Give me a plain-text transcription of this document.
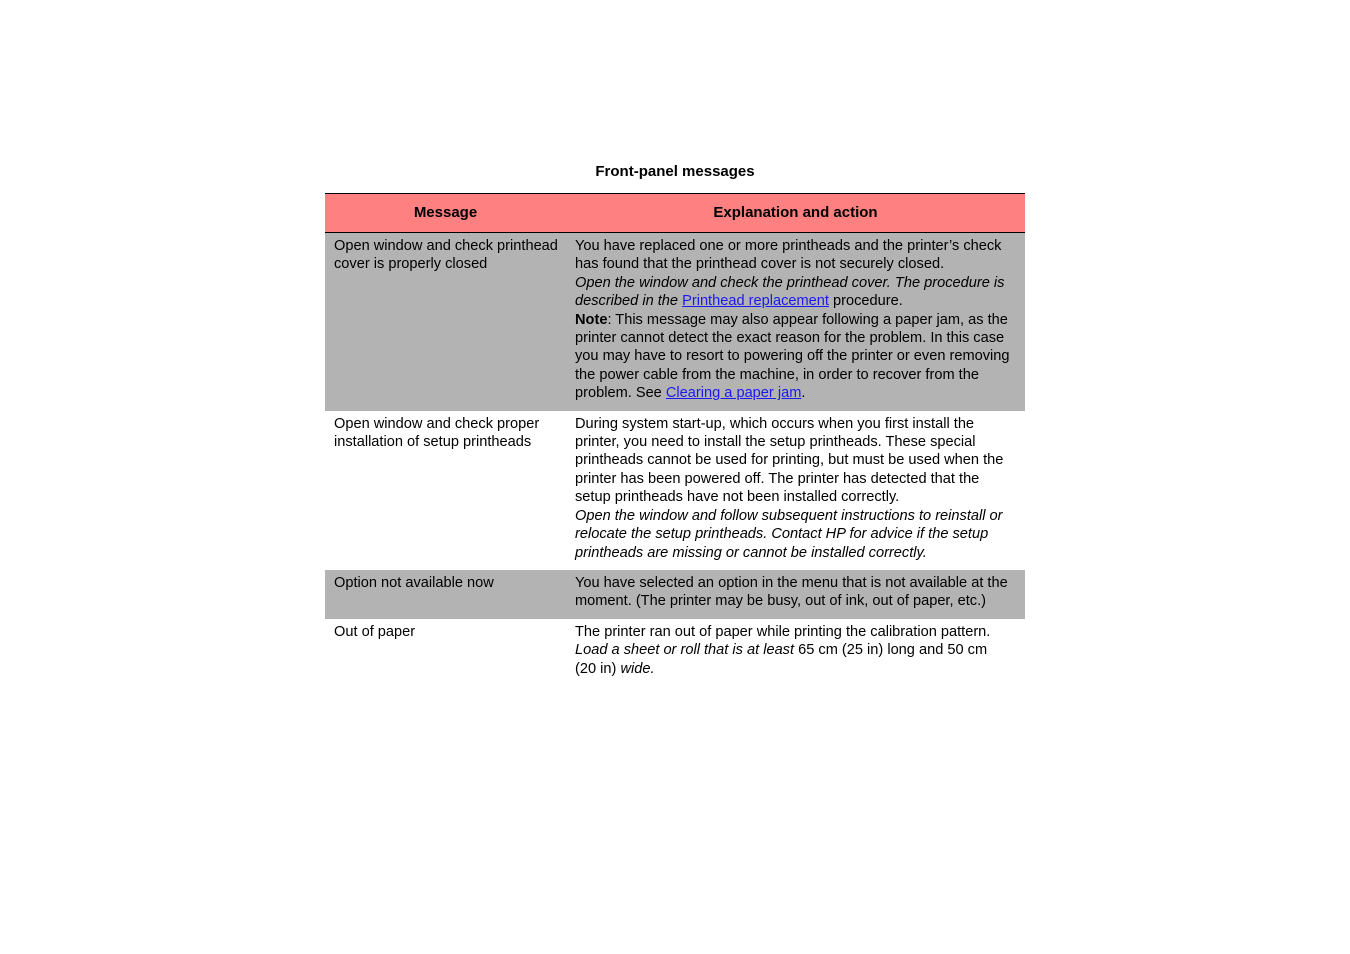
Front-panel messages
Message	Explanation and action
Open window and check printhead cover is properly closed	You have replaced one or more printheads and the printer’s check has found that the printhead cover is not securely closed.
Open the window and check the printhead cover. The procedure is described in the Printhead replacement procedure.
Note: This message may also appear following a paper jam, as the printer cannot detect the exact reason for the problem. In this case you may have to resort to powering off the printer or even removing the power cable from the machine, in order to recover from the problem. See Clearing a paper jam.
Open window and check proper installation of setup printheads	During system start-up, which occurs when you first install the printer, you need to install the setup printheads. These special printheads cannot be used for printing, but must be used when the printer has been powered off. The printer has detected that the setup printheads have not been installed correctly.
Open the window and follow subsequent instructions to reinstall or relocate the setup printheads. Contact HP for advice if the setup printheads are missing or cannot be installed correctly.
Option not available now	You have selected an option in the menu that is not available at the moment. (The printer may be busy, out of ink, out of paper, etc.)
Out of paper	The printer ran out of paper while printing the calibration pattern.
Load a sheet or roll that is at least 65 cm (25 in) long and 50 cm (20 in) wide.
